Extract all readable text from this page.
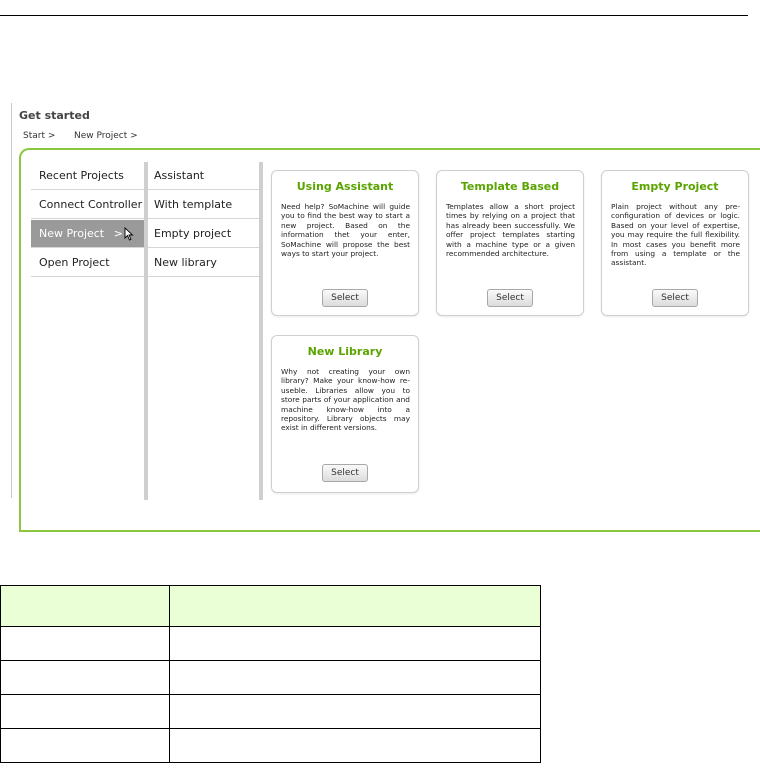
Get started
Start > New Project >
Recent Projects
Connect Controller
New Project >
Open Project
Assistant
With template
Empty project
New library
Using Assistant
Need help? SoMachine will guide you to find the best way to start a new project. Based on the information thet your enter, SoMachine will propose the best ways to start your project.
Select
Template Based
Templates allow a short project times by relying on a project that has already been successfully. We offer project templates starting with a machine type or a given recommended architecture.
Select
Empty Project
Plain project without any pre-configuration of devices or logic. Based on your level of expertise, you may require the full flexibility. In most cases you benefit more from using a template or the assistant.
Select
New Library
Why not creating your own library? Make your know-how re-useble. Libraries allow you to store parts of your application and machine know-how into a repository. Library objects may exist in different versions.
Select
